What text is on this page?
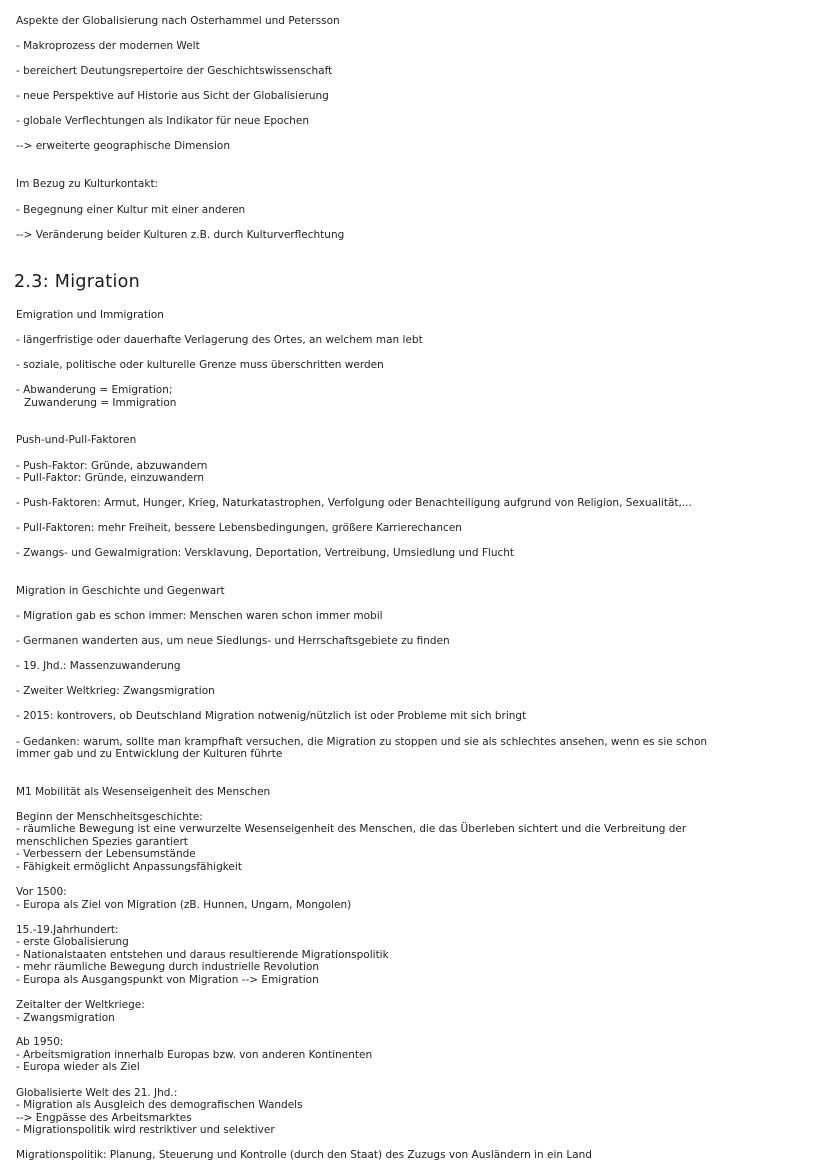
Aspekte der Globalisierung nach Osterhammel und Petersson
- Makroprozess der modernen Welt
- bereichert Deutungsrepertoire der Geschichtswissenschaft
- neue Perspektive auf Historie aus Sicht der Globalisierung
- globale Verflechtungen als Indikator für neue Epochen
--> erweiterte geographische Dimension
Im Bezug zu Kulturkontakt:
- Begegnung einer Kultur mit einer anderen
--> Veränderung beider Kulturen z.B. durch Kulturverflechtung
2.3: Migration
Emigration und Immigration
- längerfristige oder dauerhafte Verlagerung des Ortes, an welchem man lebt
- soziale, politische oder kulturelle Grenze muss überschritten werden
- Abwanderung = Emigration;
Zuwanderung = Immigration
Push-und-Pull-Faktoren
- Push-Faktor: Gründe, abzuwandern
- Pull-Faktor: Gründe, einzuwandern
- Push-Faktoren: Armut, Hunger, Krieg, Naturkatastrophen, Verfolgung oder Benachteiligung aufgrund von Religion, Sexualität,...
- Pull-Faktoren: mehr Freiheit, bessere Lebensbedingungen, größere Karrierechancen
- Zwangs- und Gewalmigration: Versklavung, Deportation, Vertreibung, Umsiedlung und Flucht
Migration in Geschichte und Gegenwart
- Migration gab es schon immer: Menschen waren schon immer mobil
- Germanen wanderten aus, um neue Siedlungs- und Herrschaftsgebiete zu finden
- 19. Jhd.: Massenzuwanderung
- Zweiter Weltkrieg: Zwangsmigration
- 2015: kontrovers, ob Deutschland Migration notwenig/nützlich ist oder Probleme mit sich bringt
- Gedanken: warum, sollte man krampfhaft versuchen, die Migration zu stoppen und sie als schlechtes ansehen, wenn es sie schon
immer gab und zu Entwicklung der Kulturen führte
M1 Mobilität als Wesenseigenheit des Menschen
Beginn der Menschheitsgeschichte:
- räumliche Bewegung ist eine verwurzelte Wesenseigenheit des Menschen, die das Überleben sichtert und die Verbreitung der
menschlichen Spezies garantiert
- Verbessern der Lebensumstände
- Fähigkeit ermöglicht Anpassungsfähigkeit
Vor 1500:
- Europa als Ziel von Migration (zB. Hunnen, Ungarn, Mongolen)
15.-19.Jahrhundert:
- erste Globalisierung
- Nationalstaaten entstehen und daraus resultierende Migrationspolitik
- mehr räumliche Bewegung durch industrielle Revolution
- Europa als Ausgangspunkt von Migration --> Emigration
Zeitalter der Weltkriege:
- Zwangsmigration
Ab 1950:
- Arbeitsmigration innerhalb Europas bzw. von anderen Kontinenten
- Europa wieder als Ziel
Globalisierte Welt des 21. Jhd.:
- Migration als Ausgleich des demografischen Wandels
--> Engpässe des Arbeitsmarktes
- Migrationspolitik wird restriktiver und selektiver
Migrationspolitik: Planung, Steuerung und Kontrolle (durch den Staat) des Zuzugs von Ausländern in ein Land
